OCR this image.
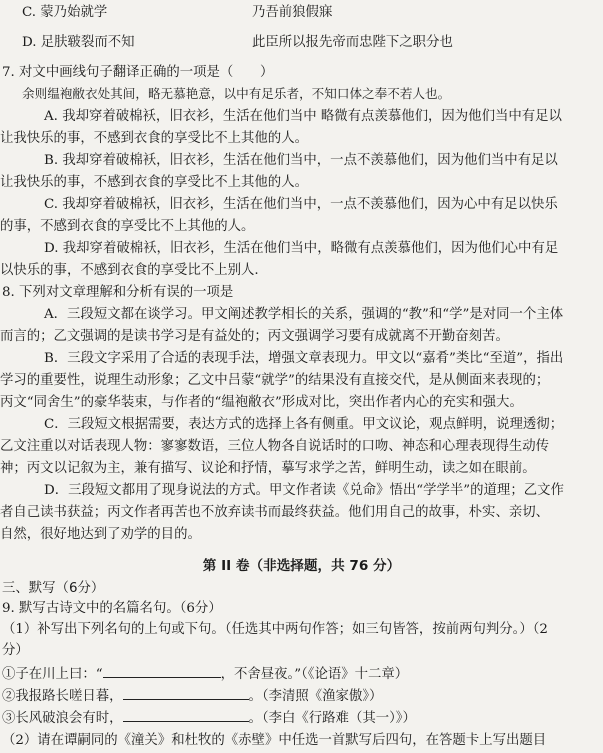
C. 蒙乃始就学	乃吾前狼假寐
D. 足肤皲裂而不知	此臣所以报先帝而忠陛下之职分也
7. 对文中画线句子翻译正确的一项是（　　）
余则缊袍敝衣处其间，略无慕艳意，以中有足乐者，不知口体之奉不若人也。
A. 我却穿着破棉袄，旧衣衫，生活在他们当中 略微有点羡慕他们，因为他们当中有足以
让我快乐的事，不感到衣食的享受比不上其他的人。
B. 我却穿着破棉袄，旧衣衫，生活在他们当中，一点不羡慕他们，因为他们当中有足以
让我快乐的事，不感到衣食的享受比不上其他的人。
C. 我却穿着破棉袄，旧衣衫，生活在他们当中，一点不羡慕他们，因为心中有足以快乐
的事，不感到衣食的享受比不上其他的人。
D. 我却穿着破棉袄，旧衣衫，生活在他们当中，略微有点羡慕他们，因为他们心中有足
以快乐的事，不感到衣食的享受比不上别人.
8. 下列对文章理解和分析有误的一项是
A．三段短文都在谈学习。甲文阐述教学相长的关系，强调的“教”和“学”是对同一个主体
而言的；乙文强调的是读书学习是有益处的；丙文强调学习要有成就离不开勤奋刻苦。
B．三段文字采用了合适的表现手法，增强文章表现力。甲文以“嘉肴”类比“至道”，指出
学习的重要性，说理生动形象；乙文中吕蒙“就学”的结果没有直接交代，是从侧面来表现的；
丙文“同舍生”的豪华装束，与作者的“缊袍敝衣”形成对比，突出作者内心的充实和强大。
C．三段短文根据需要，表达方式的选择上各有侧重。甲文议论，观点鲜明，说理透彻；
乙文注重以对话表现人物：寥寥数语，三位人物各自说话时的口吻、神态和心理表现得生动传
神；丙文以记叙为主，兼有描写、议论和抒情，摹写求学之苦，鲜明生动，读之如在眼前。
D．三段短文都用了现身说法的方式。甲文作者读《兑命》悟出“学学半”的道理；乙文作
者自己读书获益；丙文作者再苦也不放弃读书而最终获益。他们用自己的故事，朴实、亲切、
自然，很好地达到了劝学的目的。
第 II 卷（非选择题，共 76 分）
三、默写（6分）
9. 默写古诗文中的名篇名句。（6分）
（1）补写出下列名句的上句或下句。（任选其中两句作答；如三句皆答，按前两句判分。）（2
分）
①子在川上曰：“	，不舍昼夜。”（《论语》十二章）
②我报路长嗟日暮，	。（李清照《渔家傲》）
③长风破浪会有时，	。（李白《行路难（其一）》）
（2）请在谭嗣同的《潼关》和杜牧的《赤壁》中任选一首默写后四句，在答题卡上写出题目
